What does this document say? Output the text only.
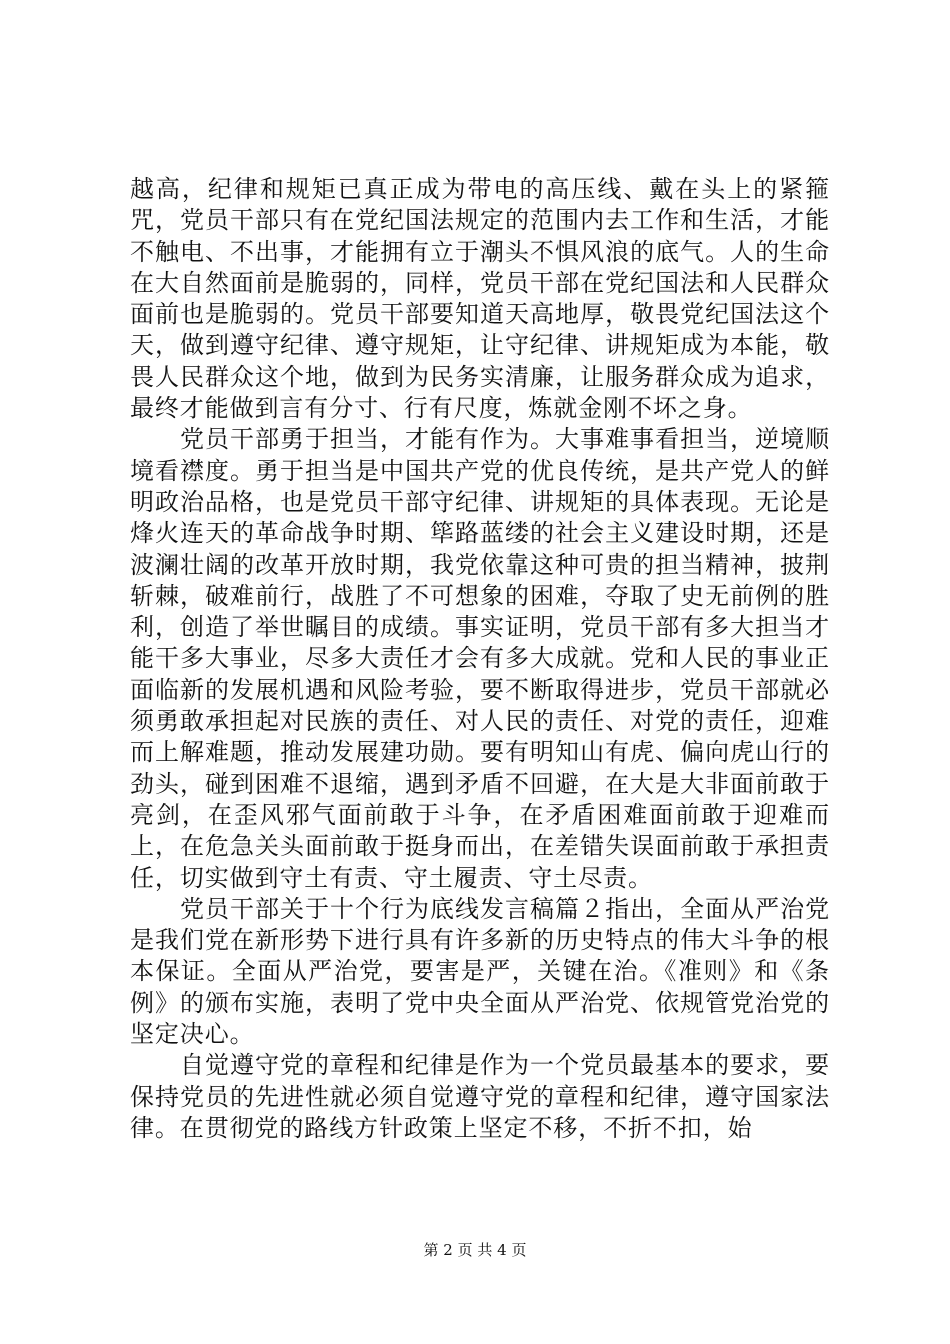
越高，纪律和规矩已真正成为带电的高压线、戴在头上的紧箍咒，党员干部只有在党纪国法规定的范围内去工作和生活，才能不触电、不出事，才能拥有立于潮头不惧风浪的底气。人的生命在大自然面前是脆弱的，同样，党员干部在党纪国法和人民群众面前也是脆弱的。党员干部要知道天高地厚，敬畏党纪国法这个天，做到遵守纪律、遵守规矩，让守纪律、讲规矩成为本能，敬畏人民群众这个地，做到为民务实清廉，让服务群众成为追求，最终才能做到言有分寸、行有尺度，炼就金刚不坏之身。

　　党员干部勇于担当，才能有作为。大事难事看担当，逆境顺境看襟度。勇于担当是中国共产党的优良传统，是共产党人的鲜明政治品格，也是党员干部守纪律、讲规矩的具体表现。无论是烽火连天的革命战争时期、筚路蓝缕的社会主义建设时期，还是波澜壮阔的改革开放时期，我党依靠这种可贵的担当精神，披荆斩棘，破难前行，战胜了不可想象的困难，夺取了史无前例的胜利，创造了举世瞩目的成绩。事实证明，党员干部有多大担当才能干多大事业，尽多大责任才会有多大成就。党和人民的事业正面临新的发展机遇和风险考验，要不断取得进步，党员干部就必须勇敢承担起对民族的责任、对人民的责任、对党的责任，迎难而上解难题，推动发展建功勋。要有明知山有虎、偏向虎山行的劲头，碰到困难不退缩，遇到矛盾不回避，在大是大非面前敢于亮剑，在歪风邪气面前敢于斗争，在矛盾困难面前敢于迎难而上，在危急关头面前敢于挺身而出，在差错失误面前敢于承担责任，切实做到守土有责、守土履责、守土尽责。

　　党员干部关于十个行为底线发言稿篇２指出，全面从严治党是我们党在新形势下进行具有许多新的历史特点的伟大斗争的根本保证。全面从严治党，要害是严，关键在治。《准则》和《条例》的颁布实施，表明了党中央全面从严治党、依规管党治党的坚定决心。

　　自觉遵守党的章程和纪律是作为一个党员最基本的要求，要保持党员的先进性就必须自觉遵守党的章程和纪律，遵守国家法律。在贯彻党的路线方针政策上坚定不移，不折不扣，始

第 2 页 共 4 页
